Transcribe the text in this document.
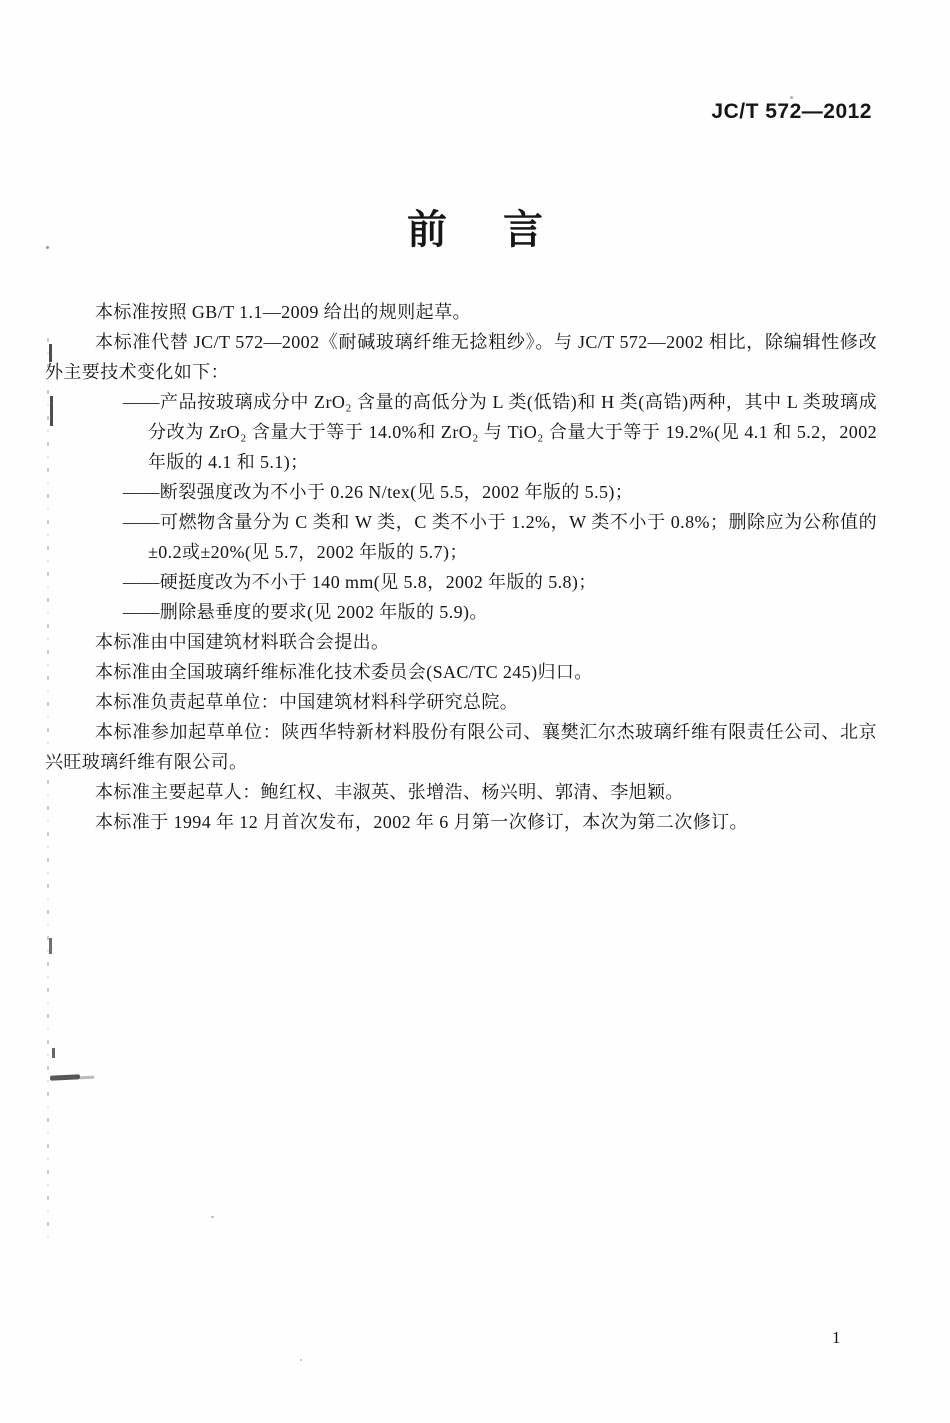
JC/T 572—2012
前言

本标准按照 GB/T 1.1—2009 给出的规则起草。

本标准代替 JC/T 572—2002《耐碱玻璃纤维无捻粗纱》。与 JC/T 572—2002 相比，除编辑性修改外主要技术变化如下：

——产品按玻璃成分中 ZrO₂ 含量的高低分为 L 类(低锆)和 H 类(高锆)两种，其中 L 类玻璃成分改为 ZrO₂ 含量大于等于 14.0%和 ZrO₂ 与 TiO₂ 合量大于等于 19.2%(见 4.1 和 5.2，2002 年版的 4.1 和 5.1)；

——断裂强度改为不小于 0.26 N/tex(见 5.5，2002 年版的 5.5)；

——可燃物含量分为 C 类和 W 类，C 类不小于 1.2%，W 类不小于 0.8%；删除应为公称值的±0.2或±20%(见 5.7，2002 年版的 5.7)；

——硬挺度改为不小于 140 mm(见 5.8，2002 年版的 5.8)；

——删除悬垂度的要求(见 2002 年版的 5.9)。

本标准由中国建筑材料联合会提出。

本标准由全国玻璃纤维标准化技术委员会(SAC/TC 245)归口。

本标准负责起草单位：中国建筑材料科学研究总院。

本标准参加起草单位：陕西华特新材料股份有限公司、襄樊汇尔杰玻璃纤维有限责任公司、北京兴旺玻璃纤维有限公司。

本标准主要起草人：鲍红权、丰淑英、张增浩、杨兴明、郭清、李旭颖。

本标准于 1994 年 12 月首次发布，2002 年 6 月第一次修订，本次为第二次修订。

1
